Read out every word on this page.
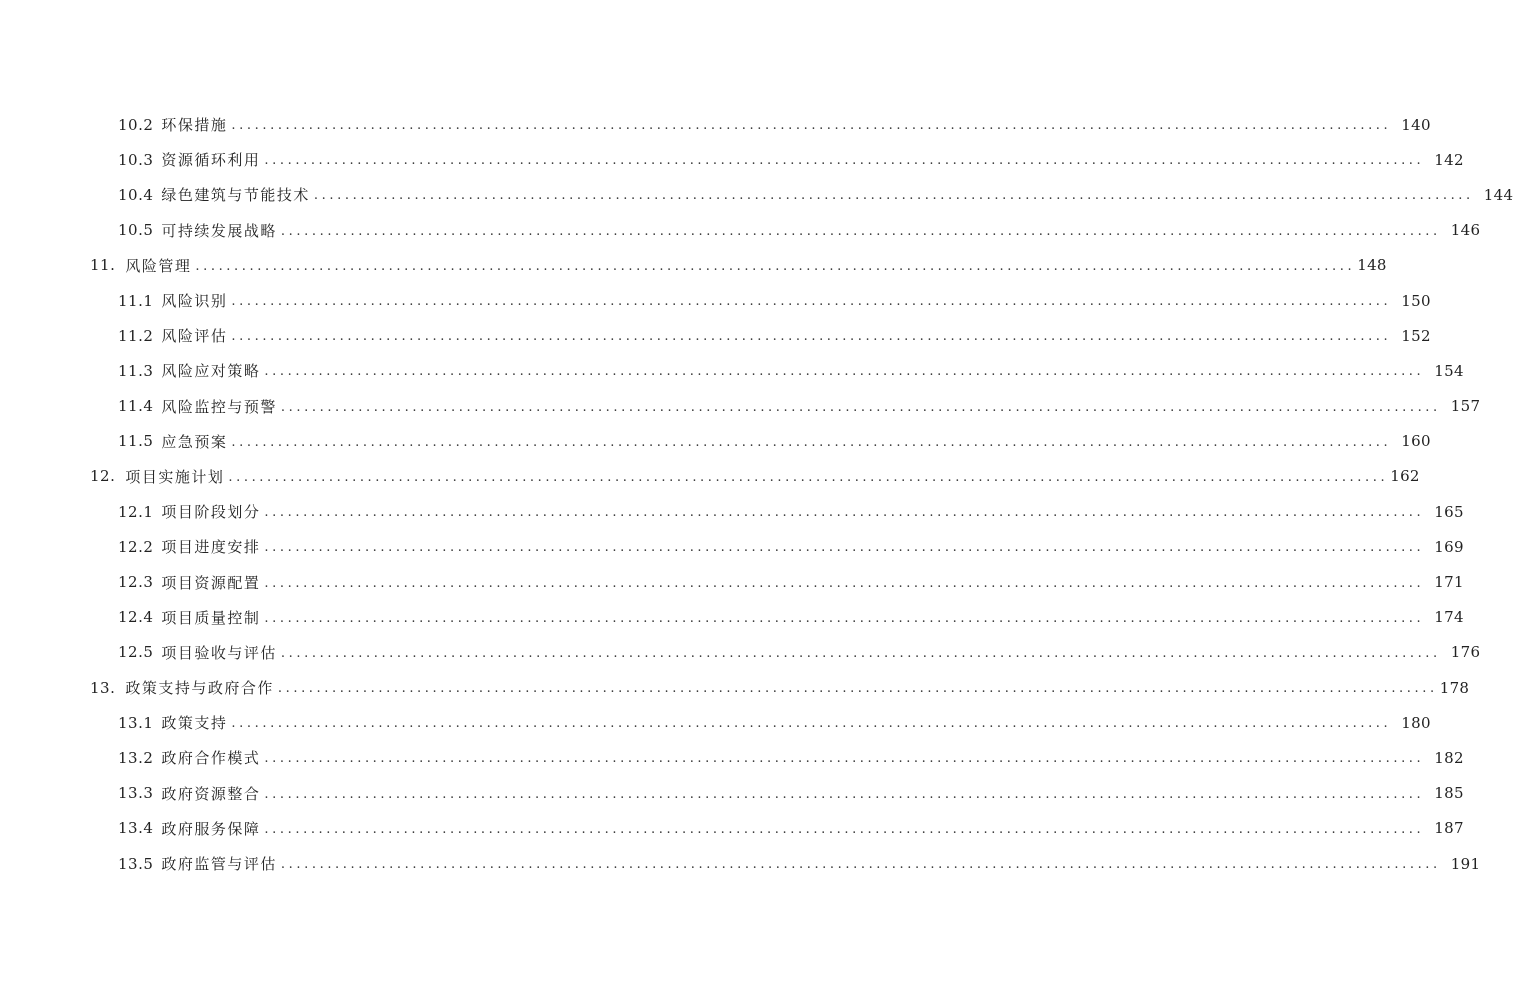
10.2 环保措施 ...................................................................................................................................................... 140
10.3 资源循环利用 ...................................................................................................................................................... 142
10.4 绿色建筑与节能技术 ...................................................................................................................................................... 144
10.5 可持续发展战略 ...................................................................................................................................................... 146
11. 风险管理 ...................................................................................................................................................... 148
11.1 风险识别 ...................................................................................................................................................... 150
11.2 风险评估 ...................................................................................................................................................... 152
11.3 风险应对策略 ...................................................................................................................................................... 154
11.4 风险监控与预警 ...................................................................................................................................................... 157
11.5 应急预案 ...................................................................................................................................................... 160
12. 项目实施计划 ...................................................................................................................................................... 162
12.1 项目阶段划分 ...................................................................................................................................................... 165
12.2 项目进度安排 ...................................................................................................................................................... 169
12.3 项目资源配置 ...................................................................................................................................................... 171
12.4 项目质量控制 ...................................................................................................................................................... 174
12.5 项目验收与评估 ...................................................................................................................................................... 176
13. 政策支持与政府合作 ...................................................................................................................................................... 178
13.1 政策支持 ...................................................................................................................................................... 180
13.2 政府合作模式 ...................................................................................................................................................... 182
13.3 政府资源整合 ...................................................................................................................................................... 185
13.4 政府服务保障 ...................................................................................................................................................... 187
13.5 政府监管与评估 ...................................................................................................................................................... 191
